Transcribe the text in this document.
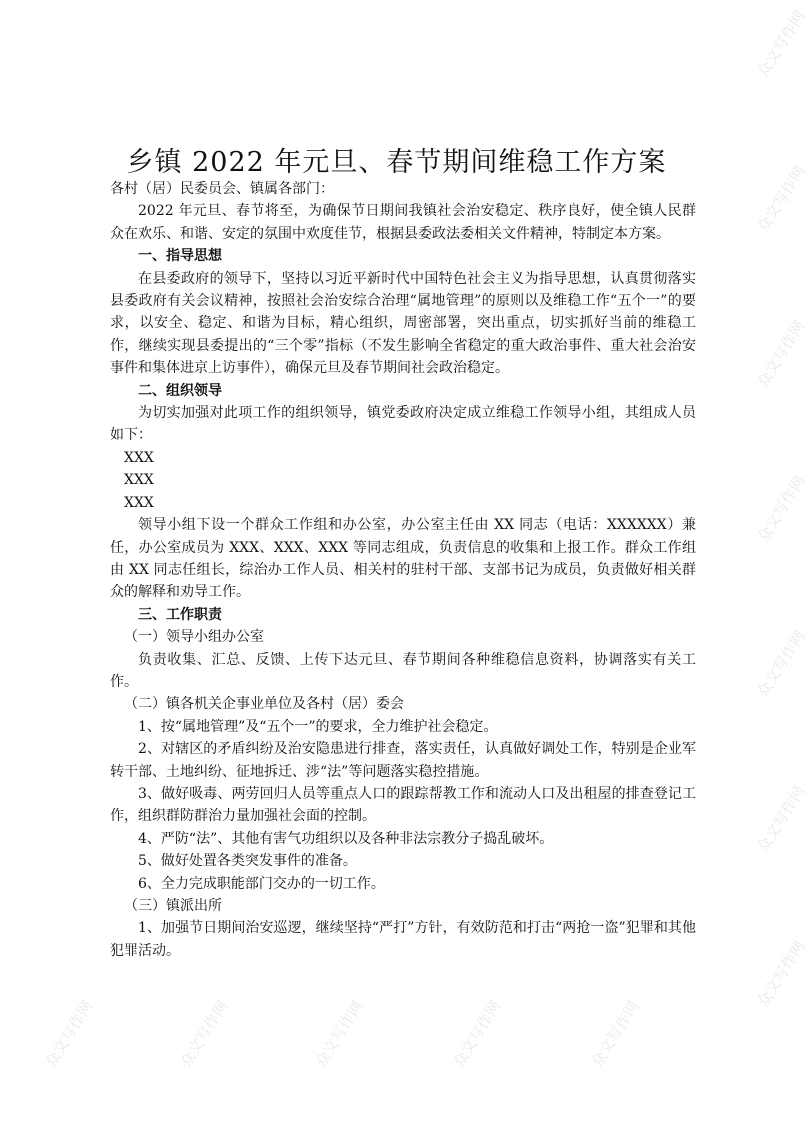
众文写作网
众文写作网
众文写作网
众文写作网
众文写作网
众文写作网
众文写作网
众文写作网	众文写作网	众文写作网
众文写作网	众文写作网
乡镇 2022 年元旦、春节期间维稳工作方案

各村（居）民委员会、镇属各部门：

2022 年元旦、春节将至，为确保节日期间我镇社会治安稳定、秩序良好，使全镇人民群众在欢乐、和谐、安定的氛围中欢度佳节，根据县委政法委相关文件精神，特制定本方案。

一、指导思想

在县委政府的领导下，坚持以习近平新时代中国特色社会主义为指导思想，认真贯彻落实县委政府有关会议精神，按照社会治安综合治理“属地管理”的原则以及维稳工作“五个一”的要求，以安全、稳定、和谐为目标，精心组织，周密部署，突出重点，切实抓好当前的维稳工作，继续实现县委提出的“三个零”指标（不发生影响全省稳定的重大政治事件、重大社会治安事件和集体进京上访事件），确保元旦及春节期间社会政治稳定。

二、组织领导

为切实加强对此项工作的组织领导，镇党委政府决定成立维稳工作领导小组，其组成人员如下：

XXX

XXX

XXX

领导小组下设一个群众工作组和办公室，办公室主任由 XX 同志（电话：XXXXXX）兼任，办公室成员为 XXX、XXX、XXX 等同志组成，负责信息的收集和上报工作。群众工作组由 XX 同志任组长，综治办工作人员、相关村的驻村干部、支部书记为成员，负责做好相关群众的解释和劝导工作。

三、工作职责

（一）领导小组办公室

负责收集、汇总、反馈、上传下达元旦、春节期间各种维稳信息资料，协调落实有关工作。

（二）镇各机关企事业单位及各村（居）委会

1、按“属地管理”及“五个一”的要求，全力维护社会稳定。

2、对辖区的矛盾纠纷及治安隐患进行排查，落实责任，认真做好调处工作，特别是企业军转干部、土地纠纷、征地拆迁、涉“法”等问题落实稳控措施。

3、做好吸毒、两劳回归人员等重点人口的跟踪帮教工作和流动人口及出租屋的排查登记工作，组织群防群治力量加强社会面的控制。

4、严防“法”、其他有害气功组织以及各种非法宗教分子捣乱破坏。

5、做好处置各类突发事件的准备。

6、全力完成职能部门交办的一切工作。

（三）镇派出所

1、加强节日期间治安巡逻，继续坚持“严打”方针，有效防范和打击“两抢一盗”犯罪和其他犯罪活动。
